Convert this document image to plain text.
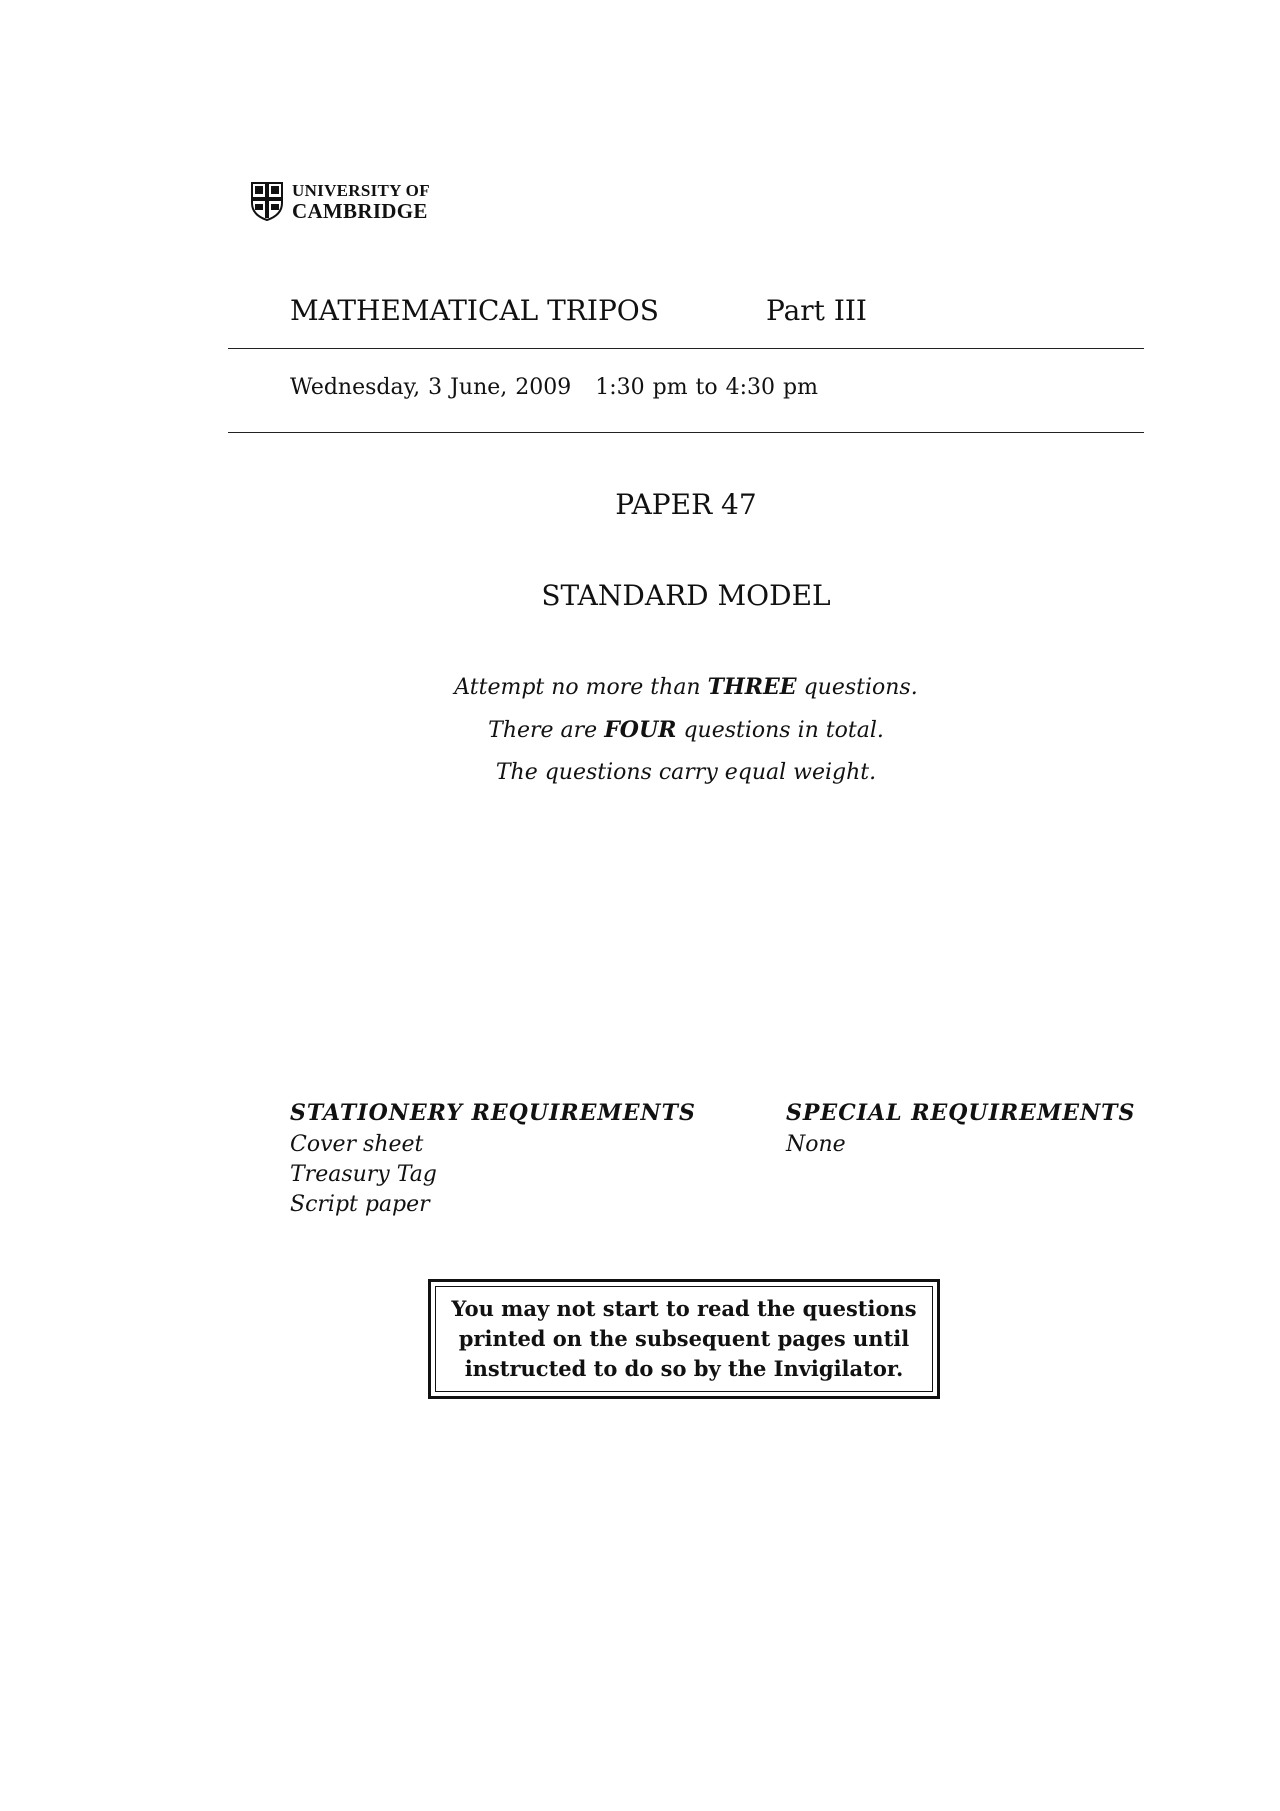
UNIVERSITY OF
CAMBRIDGE
MATHEMATICAL TRIPOS	Part III
Wednesday, 3 June, 2009 1:30 pm to 4:30 pm
PAPER 47
STANDARD MODEL
Attempt no more than THREE questions.
There are FOUR questions in total.
The questions carry equal weight.
STATIONERY REQUIREMENTS
Cover sheet
Treasury Tag
Script paper
SPECIAL REQUIREMENTS
None
You may not start to read the questions
printed on the subsequent pages until
instructed to do so by the Invigilator.
